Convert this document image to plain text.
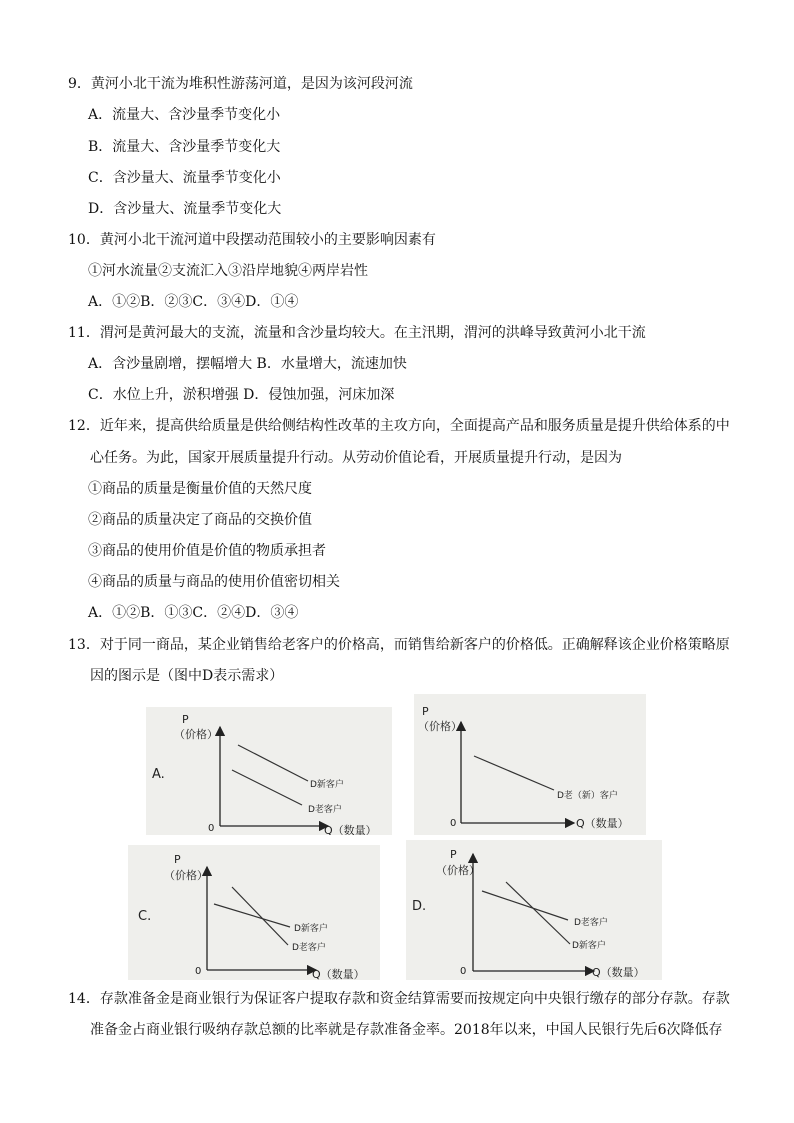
9．黄河小北干流为堆积性游荡河道，是因为该河段河流
A．流量大、含沙量季节变化小
B．流量大、含沙量季节变化大
C．含沙量大、流量季节变化小
D．含沙量大、流量季节变化大
10．黄河小北干流河道中段摆动范围较小的主要影响因素有
①河水流量②支流汇入③沿岸地貌④两岸岩性
A．①②B．②③C．③④D．①④
11．渭河是黄河最大的支流，流量和含沙量均较大。在主汛期，渭河的洪峰导致黄河小北干流
A．含沙量剧增，摆幅增大 B．水量增大，流速加快
C．水位上升，淤积增强 D．侵蚀加强，河床加深
12．近年来，提高供给质量是供给侧结构性改革的主攻方向，全面提高产品和服务质量是提升供给体系的中
心任务。为此，国家开展质量提升行动。从劳动价值论看，开展质量提升行动，是因为
①商品的质量是衡量价值的天然尺度
②商品的质量决定了商品的交换价值
③商品的使用价值是价值的物质承担者
④商品的质量与商品的使用价值密切相关
A．①②B．①③C．②④D．③④
13．对于同一商品，某企业销售给老客户的价格高，而销售给新客户的价格低。正确解释该企业价格策略原
因的图示是（图中D表示需求）
P
（价格）
A.
0	Q（数量）
D新客户
D老客户
P
（价格）
0	Q（数量）
D老（新）客户
P
（价格）
C.
0	Q（数量）
D新客户
D老客户
P
（价格）
D.
0	Q（数量）
D老客户
D新客户
14．存款准备金是商业银行为保证客户提取存款和资金结算需要而按规定向中央银行缴存的部分存款。存款
准备金占商业银行吸纳存款总额的比率就是存款准备金率。2018年以来，中国人民银行先后6次降低存
